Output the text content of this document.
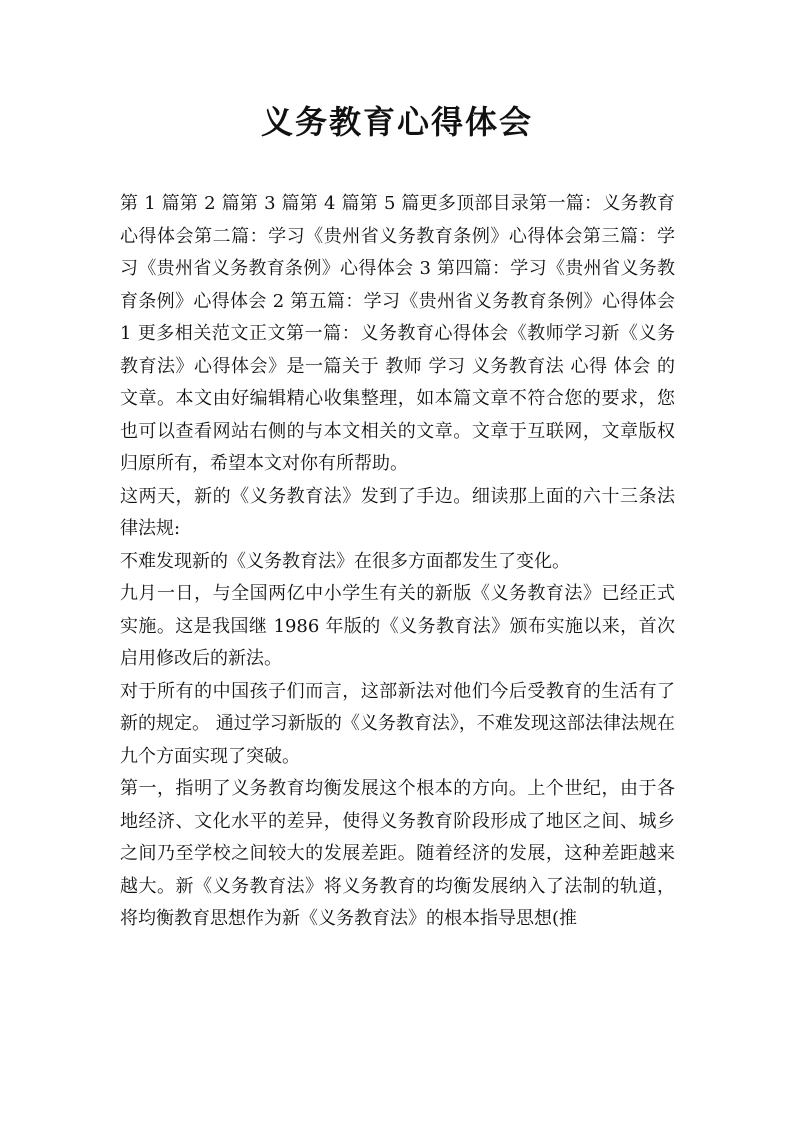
义务教育心得体会

第 1 篇第 2 篇第 3 篇第 4 篇第 5 篇更多顶部目录第一篇：义务教育心得体会第二篇：学习《贵州省义务教育条例》心得体会第三篇：学习《贵州省义务教育条例》心得体会 3 第四篇：学习《贵州省义务教育条例》心得体会 2 第五篇：学习《贵州省义务教育条例》心得体会 1 更多相关范文正文第一篇：义务教育心得体会《教师学习新《义务教育法》心得体会》是一篇关于 教师 学习 义务教育法 心得 体会 的文章。本文由好编辑精心收集整理，如本篇文章不符合您的要求，您也可以查看网站右侧的与本文相关的文章。文章于互联网，文章版权归原所有，希望本文对你有所帮助。

这两天，新的《义务教育法》发到了手边。细读那上面的六十三条法律法规:

不难发现新的《义务教育法》在很多方面都发生了变化。

九月一日，与全国两亿中小学生有关的新版《义务教育法》已经正式实施。这是我国继 1986 年版的《义务教育法》颁布实施以来，首次启用修改后的新法。

对于所有的中国孩子们而言，这部新法对他们今后受教育的生活有了新的规定。 通过学习新版的《义务教育法》，不难发现这部法律法规在九个方面实现了突破。

第一，指明了义务教育均衡发展这个根本的方向。上个世纪，由于各地经济、文化水平的差异，使得义务教育阶段形成了地区之间、城乡之间乃至学校之间较大的发展差距。随着经济的发展，这种差距越来越大。新《义务教育法》将义务教育的均衡发展纳入了法制的轨道，将均衡教育思想作为新《义务教育法》的根本指导思想(推
